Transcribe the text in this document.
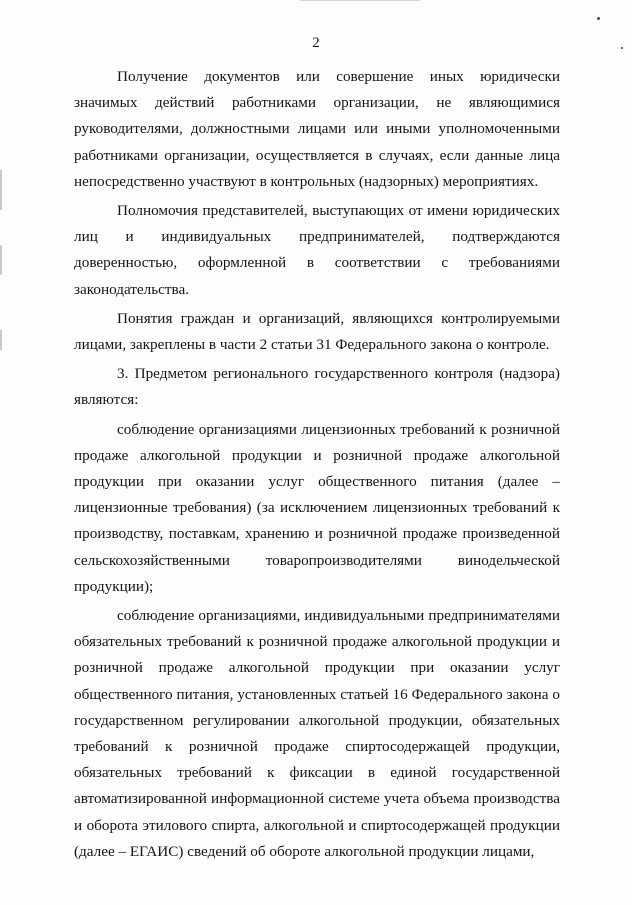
2

Получение документов или совершение иных юридически значимых действий работниками организации, не являющимися руководителями, должностными лицами или иными уполномоченными работниками организации, осуществляется в случаях, если данные лица непосредственно участвуют в контрольных (надзорных) мероприятиях.

Полномочия представителей, выступающих от имени юридических лиц и индивидуальных предпринимателей, подтверждаются доверенностью, оформленной в соответствии с требованиями законодательства.

Понятия граждан и организаций, являющихся контролируемыми лицами, закреплены в части 2 статьи 31 Федерального закона о контроле.

3. Предметом регионального государственного контроля (надзора) являются:

соблюдение организациями лицензионных требований к розничной продаже алкогольной продукции и розничной продаже алкогольной продукции при оказании услуг общественного питания (далее – лицензионные требования) (за исключением лицензионных требований к производству, поставкам, хранению и розничной продаже произведенной сельскохозяйственными товаропроизводителями винодельческой продукции);

соблюдение организациями, индивидуальными предпринимателями обязательных требований к розничной продаже алкогольной продукции и розничной продаже алкогольной продукции при оказании услуг общественного питания, установленных статьей 16 Федерального закона о государственном регулировании алкогольной продукции, обязательных требований к розничной продаже спиртосодержащей продукции, обязательных требований к фиксации в единой государственной автоматизированной информационной системе учета объема производства и оборота этилового спирта, алкогольной и спиртосодержащей продукции (далее – ЕГАИС) сведений об обороте алкогольной продукции лицами,
